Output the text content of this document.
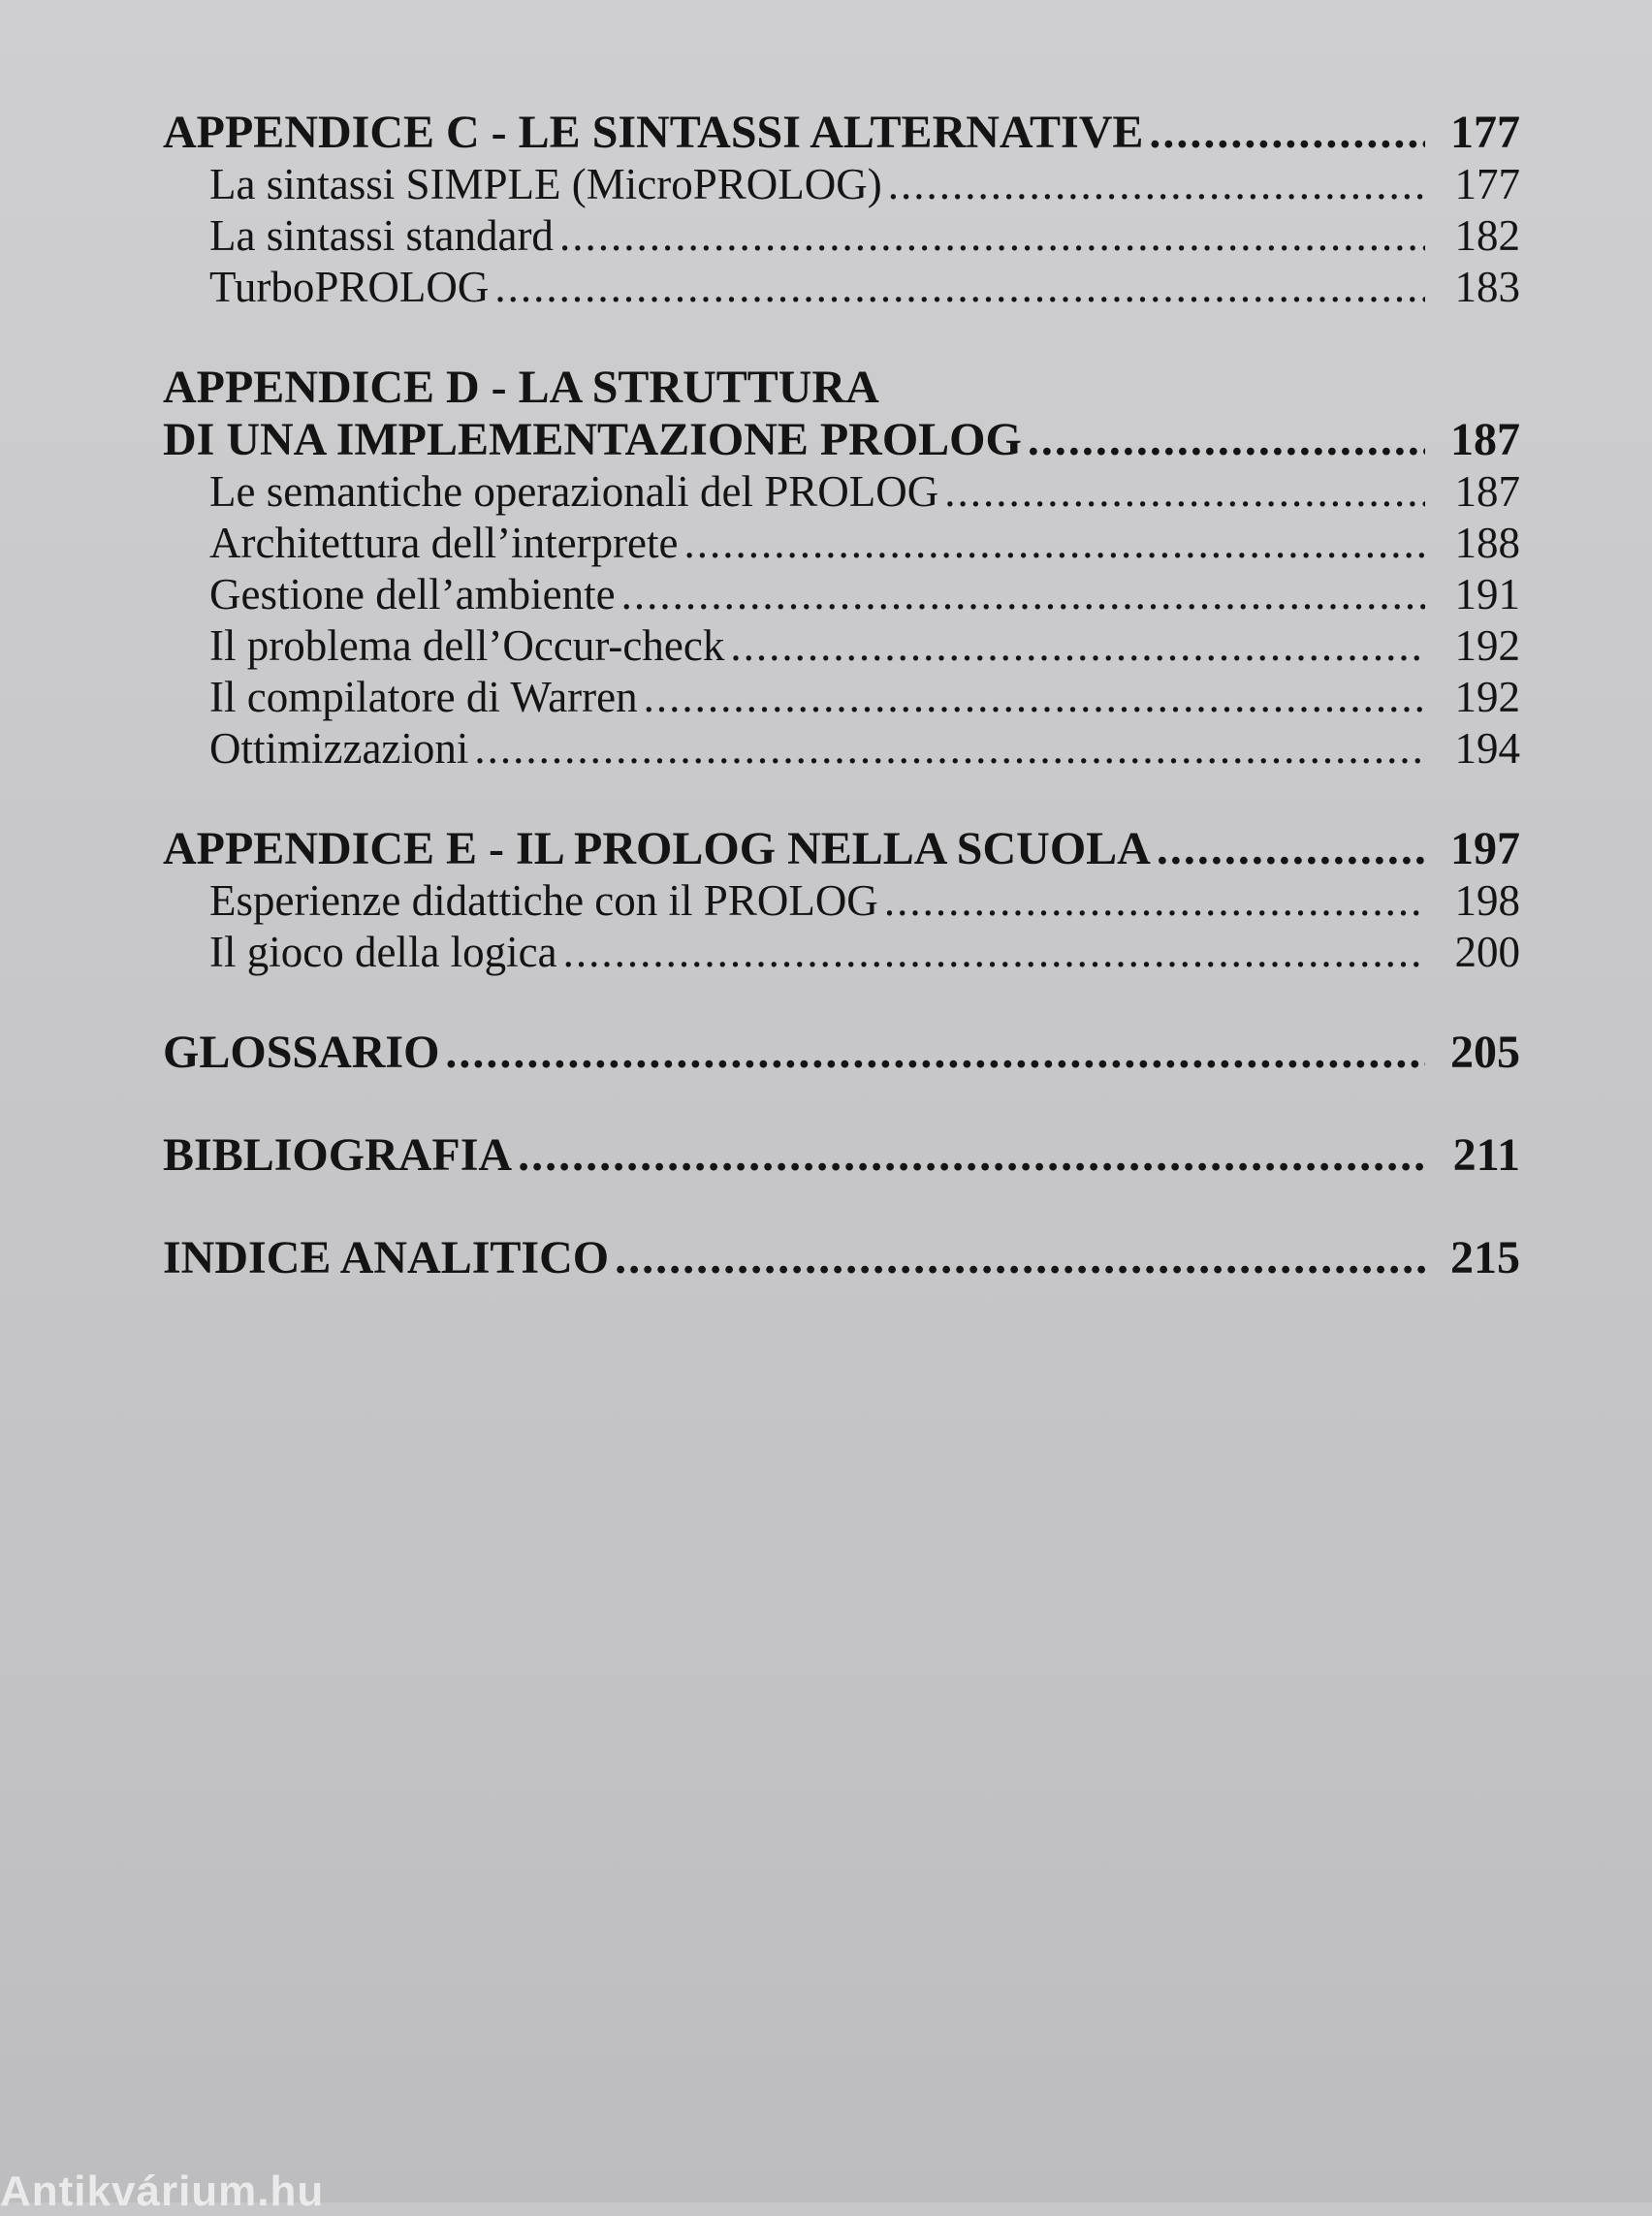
APPENDICE C - LE SINTASSI ALTERNATIVE .....	177
La sintassi SIMPLE (MicroPROLOG) .....	177
La sintassi standard .....	182
TurboPROLOG .....	183
APPENDICE D - LA STRUTTURA
DI UNA IMPLEMENTAZIONE PROLOG .....	187
Le semantiche operazionali del PROLOG .....	187
Architettura dell’interprete .....	188
Gestione dell’ambiente .....	191
Il problema dell’Occur-check .....	192
Il compilatore di Warren .....	192
Ottimizzazioni .....	194
APPENDICE E - IL PROLOG NELLA SCUOLA .....	197
Esperienze didattiche con il PROLOG .....	198
Il gioco della logica .....	200
GLOSSARIO .....	205
BIBLIOGRAFIA .....	211
INDICE ANALITICO .....	215
Antikvárium.hu
